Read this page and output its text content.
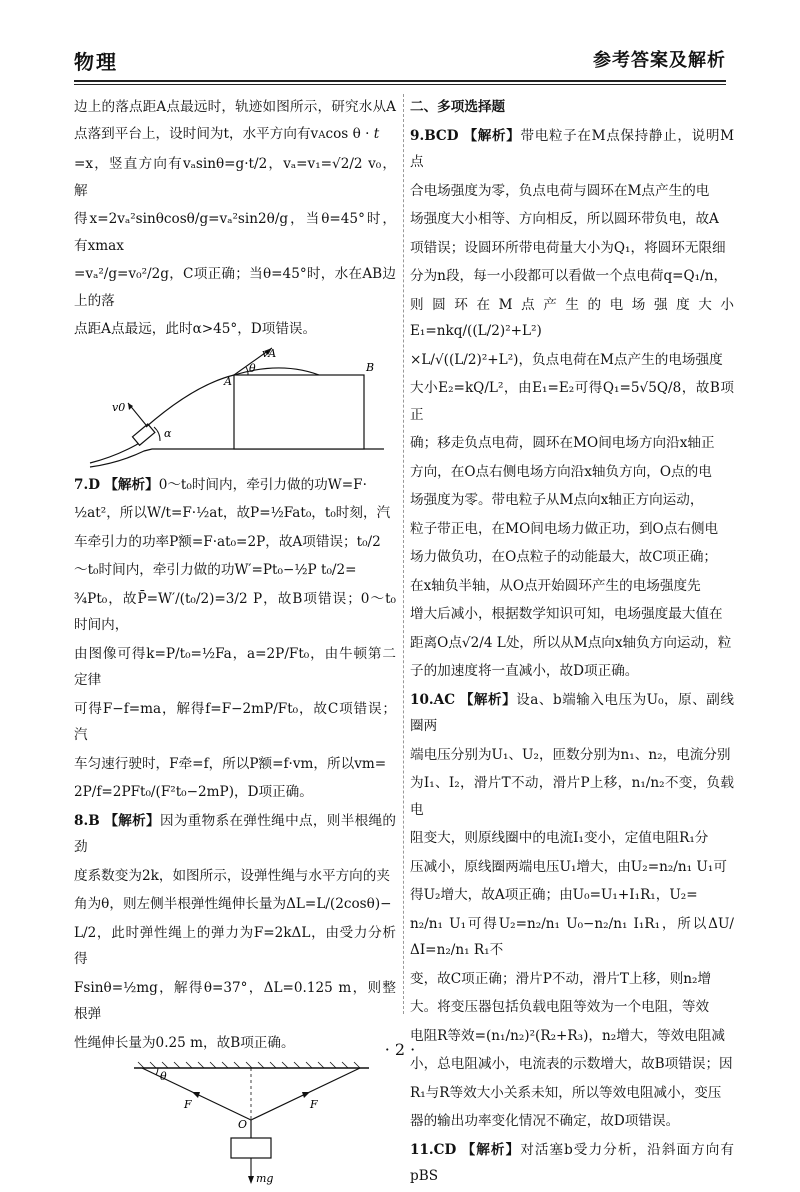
物理	参考答案及解析

边上的落点距A点最远时，轨迹如图所示，研究水从A点落到平台上，设时间为t，水平方向有vAcos θ · t

=x，竖直方向有vₐsinθ=g·t/2，vₐ=v₁=√2/2 v₀，解

得x=2vₐ²sinθcosθ/g=vₐ²sin2θ/g，当θ=45°时，有xmax

=vₐ²/g=v₀²/2g，C项正确；当θ=45°时，水在AB边上的落

点距A点最远，此时α>45°，D项错误。

vA
θ
A
B
v0
α

7.D 【解析】0～t₀时间内，牵引力做的功W=F·

½at²，所以W/t=F·½at，故P=½Fat₀，t₀时刻，汽

车牵引力的功率P额=F·at₀=2P，故A项错误；t₀/2

～t₀时间内，牵引力做的功W′=Pt₀−½P t₀/2=

¾Pt₀，故P̄=W′/(t₀/2)=3/2 P，故B项错误；0～t₀时间内，

由图像可得k=P/t₀=½Fa，a=2P/Ft₀，由牛顿第二定律

可得F−f=ma，解得f=F−2mP/Ft₀，故C项错误；汽

车匀速行驶时，F牵=f，所以P额=f·vm，所以vm=

2P/f=2PFt₀/(F²t₀−2mP)，D项正确。

8.B 【解析】因为重物系在弹性绳中点，则半根绳的劲

度系数变为2k，如图所示，设弹性绳与水平方向的夹

角为θ，则左侧半根弹性绳伸长量为ΔL=L/(2cosθ)−

L/2，此时弹性绳上的弹力为F=2kΔL，由受力分析得

Fsinθ=½mg，解得θ=37°，ΔL=0.125 m，则整根弹

性绳伸长量为0.25 m，故B项正确。

θ
F	F
O
mg

二、多项选择题

9.BCD 【解析】带电粒子在M点保持静止，说明M点

合电场强度为零，负点电荷与圆环在M点产生的电

场强度大小相等、方向相反，所以圆环带负电，故A

项错误；设圆环所带电荷量大小为Q₁，将圆环无限细

分为n段，每一小段都可以看做一个点电荷q=Q₁/n，

则圆环在M点产生的电场强度大小E₁=nkq/((L/2)²+L²)

×L/√((L/2)²+L²)，负点电荷在M点产生的电场强度

大小E₂=kQ/L²，由E₁=E₂可得Q₁=5√5Q/8，故B项正

确；移走负点电荷，圆环在MO间电场方向沿x轴正

方向，在O点右侧电场方向沿x轴负方向，O点的电

场强度为零。带电粒子从M点向x轴正方向运动，

粒子带正电，在MO间电场力做正功，到O点右侧电

场力做负功，在O点粒子的动能最大，故C项正确；

在x轴负半轴，从O点开始圆环产生的电场强度先

增大后减小，根据数学知识可知，电场强度最大值在

距离O点√2/4 L处，所以从M点向x轴负方向运动，粒

子的加速度将一直减小，故D项正确。

10.AC 【解析】设a、b端输入电压为U₀，原、副线圈两

端电压分别为U₁、U₂，匝数分别为n₁、n₂，电流分别

为I₁、I₂，滑片T不动，滑片P上移，n₁/n₂不变，负载电

阻变大，则原线圈中的电流I₁变小，定值电阻R₁分

压减小，原线圈两端电压U₁增大，由U₂=n₂/n₁ U₁可

得U₂增大，故A项正确；由U₀=U₁+I₁R₁，U₂=

n₂/n₁ U₁可得U₂=n₂/n₁ U₀−n₂/n₁ I₁R₁，所以ΔU/ΔI=n₂/n₁ R₁不

变，故C项正确；滑片P不动，滑片T上移，则n₂增

大。将变压器包括负载电阻等效为一个电阻，等效

电阻R等效=(n₁/n₂)²(R₂+R₃)，n₂增大，等效电阻减

小，总电阻减小，电流表的示数增大，故B项错误；因

R₁与R等效大小关系未知，所以等效电阻减小，变压

器的输出功率变化情况不确定，故D项错误。

11.CD 【解析】对活塞b受力分析，沿斜面方向有pBS

· 2 ·
